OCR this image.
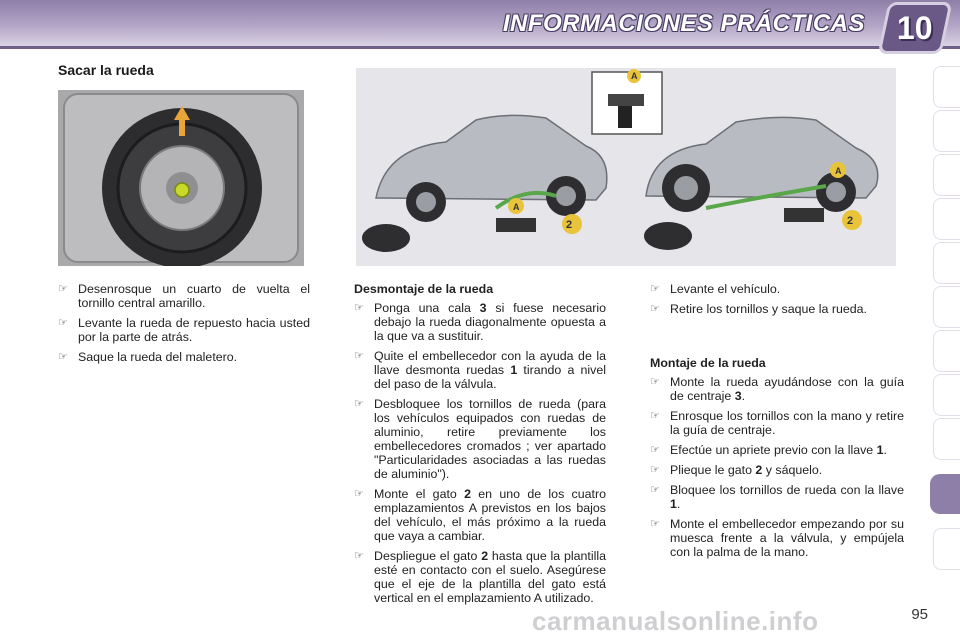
INFORMACIONES PRÁCTICAS 10
Sacar la rueda
2
A
2
A
A
☞ Desenrosque un cuarto de vuelta el tornillo central amarillo.
☞ Levante la rueda de repuesto hacia usted por la parte de atrás.
☞ Saque la rueda del maletero.
Desmontaje de la rueda
☞ Ponga una cala 3 si fuese necesario debajo la rueda diagonalmente opuesta a la que va a sustituir.
☞ Quite el embellecedor con la ayuda de la llave desmonta ruedas 1 tirando a nivel del paso de la válvula.
☞ Desbloquee los tornillos de rueda (para los vehículos equipados con ruedas de aluminio, retire previamente los embellecedores cromados ; ver apartado "Particularidades asociadas a las ruedas de aluminio").
☞ Monte el gato 2 en uno de los cuatro emplazamientos A previstos en los bajos del vehículo, el más próximo a la rueda que vaya a cambiar.
☞ Despliegue el gato 2 hasta que la plantilla esté en contacto con el suelo. Asegúrese que el eje de la plantilla del gato está vertical en el emplazamiento A utilizado.
☞ Levante el vehículo.
☞ Retire los tornillos y saque la rueda.
Montaje de la rueda
☞ Monte la rueda ayudándose con la guía de centraje 3.
☞ Enrosque los tornillos con la mano y retire la guía de centraje.
☞ Efectúe un apriete previo con la llave 1.
☞ Plieque le gato 2 y sáquelo.
☞ Bloquee los tornillos de rueda con la llave 1.
☞ Monte el embellecedor empezando por su muesca frente a la válvula, y empújela con la palma de la mano.
carmanualsonline.info	95
